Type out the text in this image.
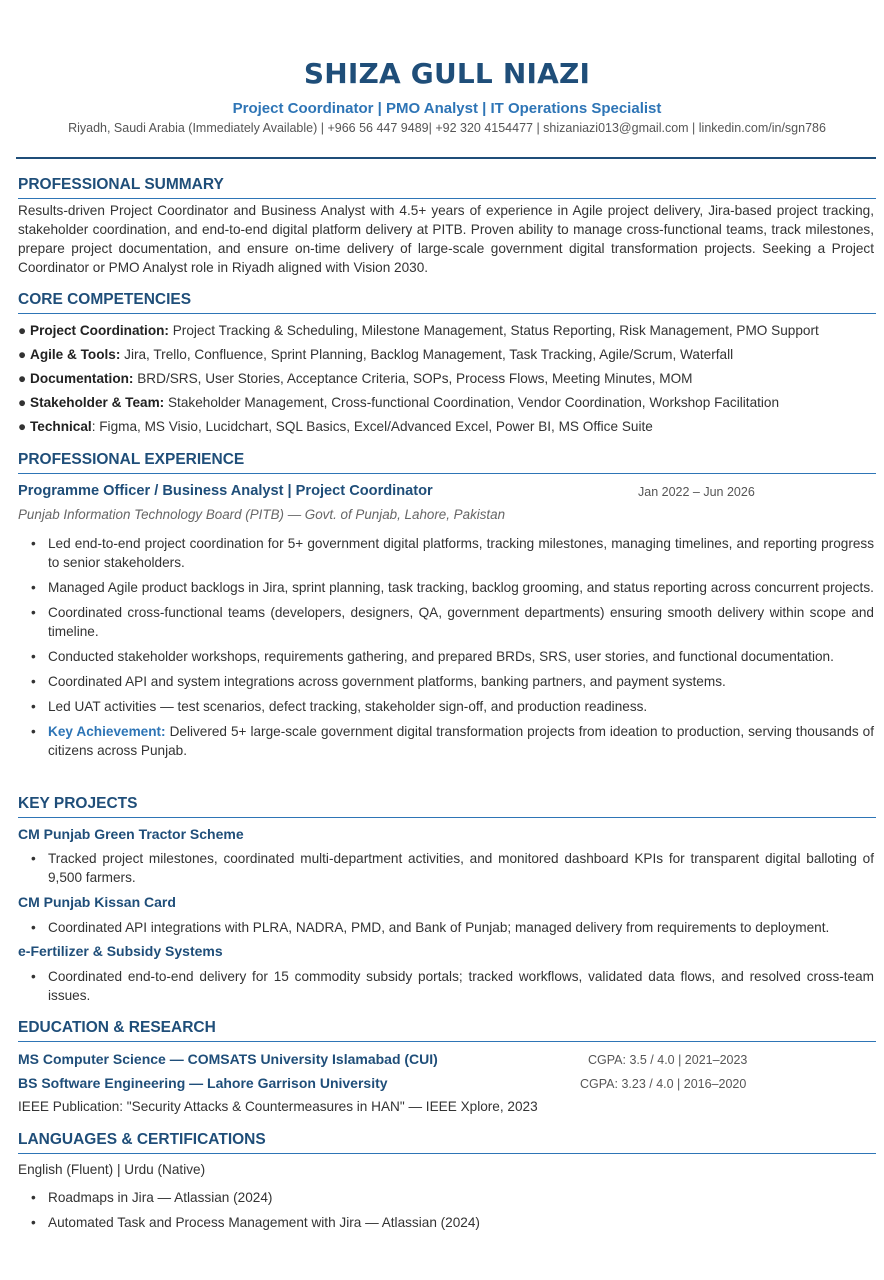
SHIZA GULL NIAZI
Project Coordinator | PMO Analyst | IT Operations Specialist
Riyadh, Saudi Arabia (Immediately Available) | +966 56 447 9489| +92 320 4154477 | shizaniazi013@gmail.com | linkedin.com/in/sgn786
PROFESSIONAL SUMMARY
Results-driven Project Coordinator and Business Analyst with 4.5+ years of experience in Agile project delivery, Jira-based project tracking, stakeholder coordination, and end-to-end digital platform delivery at PITB. Proven ability to manage cross-functional teams, track milestones, prepare project documentation, and ensure on-time delivery of large-scale government digital transformation projects. Seeking a Project Coordinator or PMO Analyst role in Riyadh aligned with Vision 2030.
CORE COMPETENCIES
● Project Coordination: Project Tracking & Scheduling, Milestone Management, Status Reporting, Risk Management, PMO Support
● Agile & Tools: Jira, Trello, Confluence, Sprint Planning, Backlog Management, Task Tracking, Agile/Scrum, Waterfall
● Documentation: BRD/SRS, User Stories, Acceptance Criteria, SOPs, Process Flows, Meeting Minutes, MOM
● Stakeholder & Team: Stakeholder Management, Cross-functional Coordination, Vendor Coordination, Workshop Facilitation
● Technical: Figma, MS Visio, Lucidchart, SQL Basics, Excel/Advanced Excel, Power BI, MS Office Suite
PROFESSIONAL EXPERIENCE
Programme Officer / Business Analyst | Project Coordinator	Jan 2022 – Jun 2026
Punjab Information Technology Board (PITB) — Govt. of Punjab, Lahore, Pakistan
• Led end-to-end project coordination for 5+ government digital platforms, tracking milestones, managing timelines, and reporting progress to senior stakeholders.
• Managed Agile product backlogs in Jira, sprint planning, task tracking, backlog grooming, and status reporting across concurrent projects.
• Coordinated cross-functional teams (developers, designers, QA, government departments) ensuring smooth delivery within scope and timeline.
• Conducted stakeholder workshops, requirements gathering, and prepared BRDs, SRS, user stories, and functional documentation.
• Coordinated API and system integrations across government platforms, banking partners, and payment systems.
• Led UAT activities — test scenarios, defect tracking, stakeholder sign-off, and production readiness.
• Key Achievement: Delivered 5+ large-scale government digital transformation projects from ideation to production, serving thousands of citizens across Punjab.
KEY PROJECTS
CM Punjab Green Tractor Scheme
• Tracked project milestones, coordinated multi-department activities, and monitored dashboard KPIs for transparent digital balloting of 9,500 farmers.
CM Punjab Kissan Card
• Coordinated API integrations with PLRA, NADRA, PMD, and Bank of Punjab; managed delivery from requirements to deployment.
e-Fertilizer & Subsidy Systems
• Coordinated end-to-end delivery for 15 commodity subsidy portals; tracked workflows, validated data flows, and resolved cross-team issues.
EDUCATION & RESEARCH
MS Computer Science — COMSATS University Islamabad (CUI)	CGPA: 3.5 / 4.0 | 2021–2023
BS Software Engineering — Lahore Garrison University	CGPA: 3.23 / 4.0 | 2016–2020
IEEE Publication: "Security Attacks & Countermeasures in HAN" — IEEE Xplore, 2023
LANGUAGES & CERTIFICATIONS
English (Fluent) | Urdu (Native)
• Roadmaps in Jira — Atlassian (2024)
• Automated Task and Process Management with Jira — Atlassian (2024)
